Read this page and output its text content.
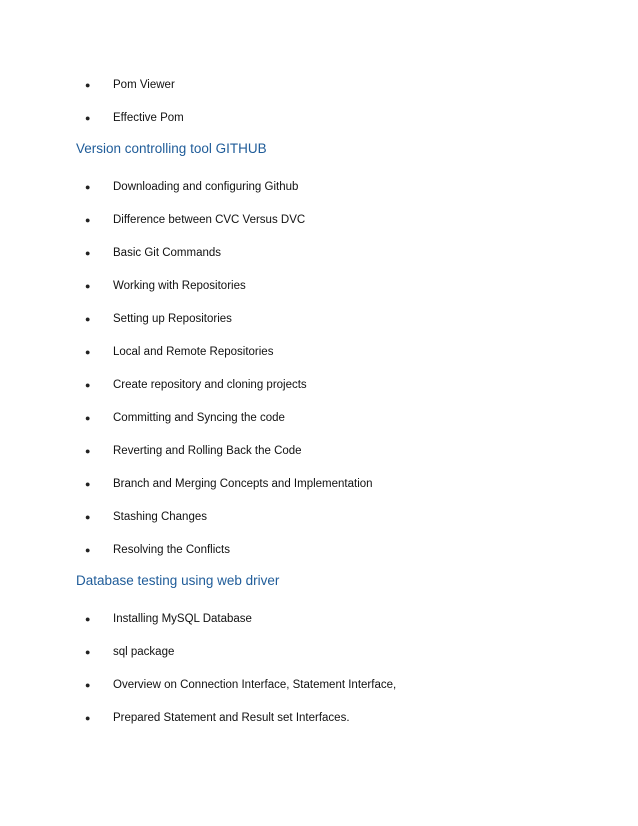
● Pom Viewer
● Effective Pom
Version controlling tool GITHUB
● Downloading and configuring Github
● Difference between CVC Versus DVC
● Basic Git Commands
● Working with Repositories
● Setting up Repositories
● Local and Remote Repositories
● Create repository and cloning projects
● Committing and Syncing the code
● Reverting and Rolling Back the Code
● Branch and Merging Concepts and Implementation
● Stashing Changes
● Resolving the Conflicts
Database testing using web driver
● Installing MySQL Database
● sql package
● Overview on Connection Interface, Statement Interface,
● Prepared Statement and Result set Interfaces.
